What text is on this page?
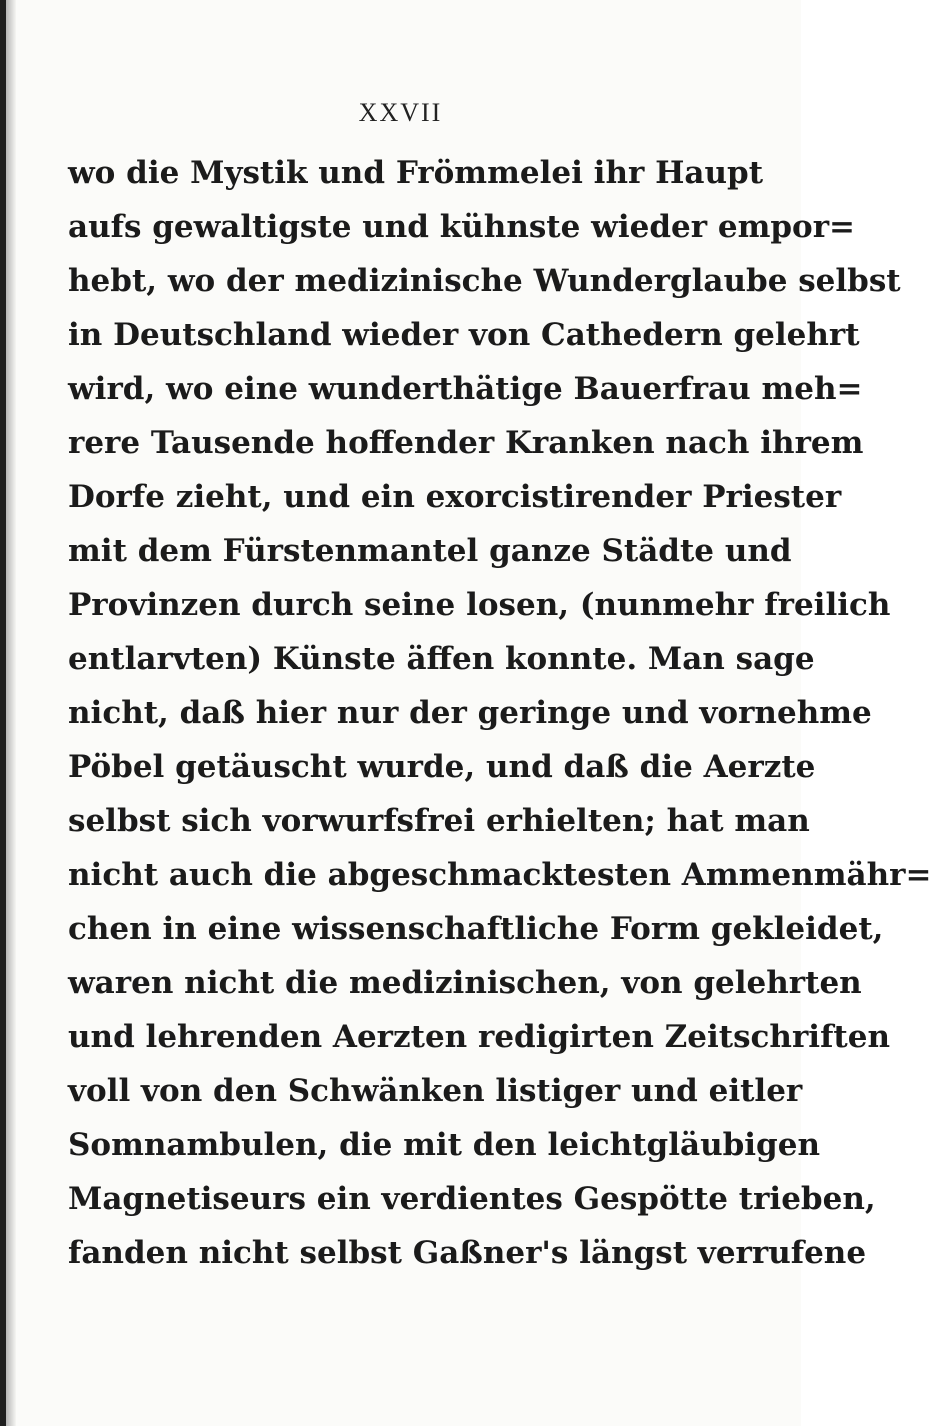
XXVII
wo die Mystik und Frömmelei ihr Haupt
aufs gewaltigste und kühnste wieder empor=
hebt, wo der medizinische Wunderglaube selbst
in Deutschland wieder von Cathedern gelehrt
wird, wo eine wunderthätige Bauerfrau meh=
rere Tausende hoffender Kranken nach ihrem
Dorfe zieht, und ein exorcistirender Priester
mit dem Fürstenmantel ganze Städte und
Provinzen durch seine losen, (nunmehr freilich
entlarvten) Künste äffen konnte. Man sage
nicht, daß hier nur der geringe und vornehme
Pöbel getäuscht wurde, und daß die Aerzte
selbst sich vorwurfsfrei erhielten; hat man
nicht auch die abgeschmacktesten Ammenmähr=
chen in eine wissenschaftliche Form gekleidet,
waren nicht die medizinischen, von gelehrten
und lehrenden Aerzten redigirten Zeitschriften
voll von den Schwänken listiger und eitler
Somnambulen, die mit den leichtgläubigen
Magnetiseurs ein verdientes Gespötte trieben,
fanden nicht selbst Gaßner's längst verrufene
